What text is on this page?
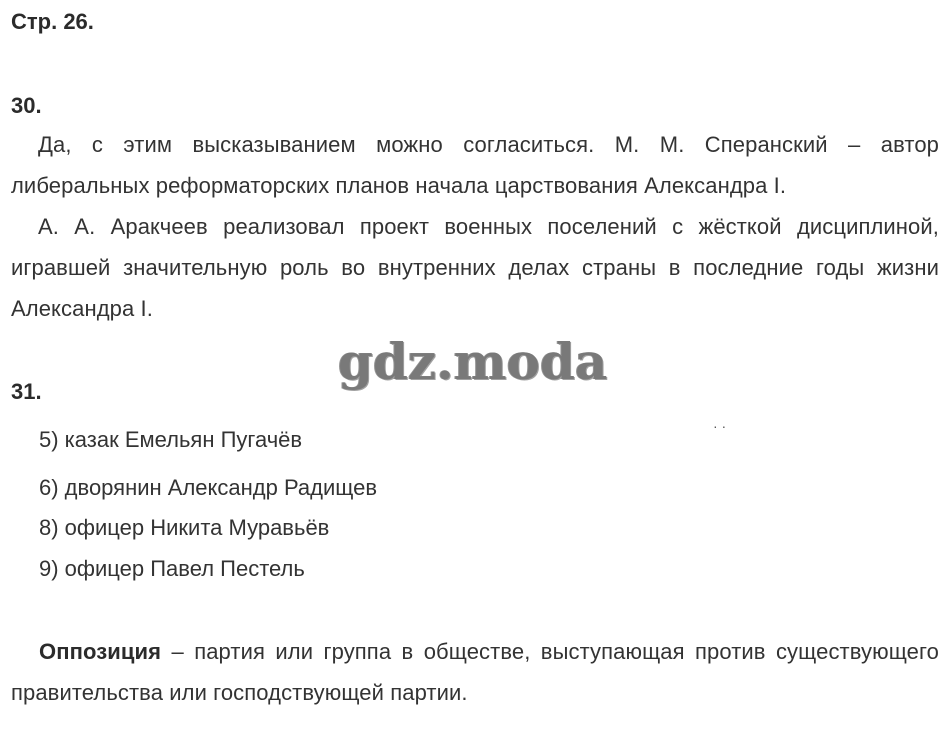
Стр. 26.
30.
Да, с этим высказыванием можно согласиться. М. М. Сперанский – автор либеральных реформаторских планов начала царствования Александра I.
А. А. Аракчеев реализовал проект военных поселений с жёсткой дисциплиной, игравшей значительную роль во внутренних делах страны в последние годы жизни Александра I.
gdz.moda
31.
· ·
5) казак Емельян Пугачёв
6) дворянин Александр Радищев
8) офицер Никита Муравьёв
9) офицер Павел Пестель
Оппозиция – партия или группа в обществе, выступающая против существующего правительства или господствующей партии.
